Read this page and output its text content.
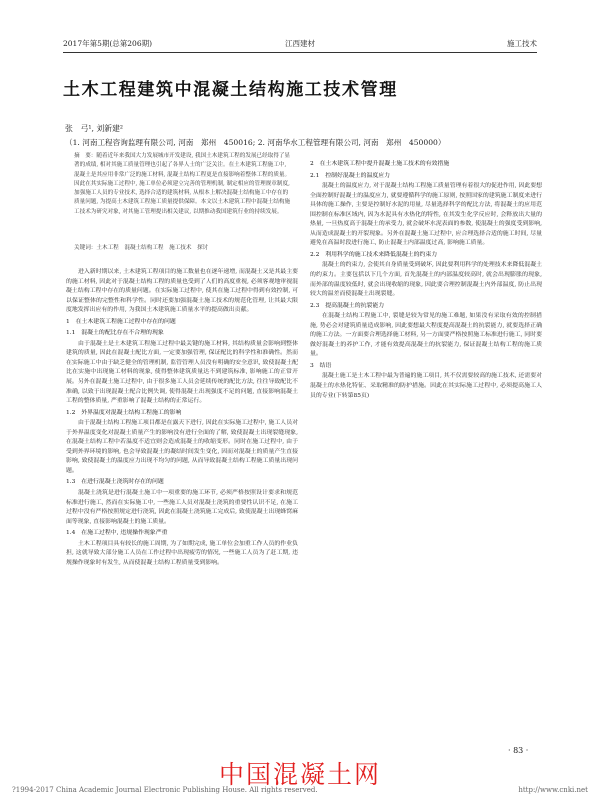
2017年第5期(总第206期)	江西建材	施工技术
土木工程建筑中混凝土结构施工技术管理
张　弓¹, 刘新建²
（1. 河南工程咨询监理有限公司, 河南　郑州　450016; 2. 河南华水工程管理有限公司, 河南　郑州　450000）
摘　要：随着近年来我国大力发展城市开发建设, 我国土木建筑工程的发展已经取得了显著的成绩, 相对其施工质量管理也引起了各界人士的广泛关注。在土木建筑工程施工中, 混凝土是其应用非常广泛的施工材料, 混凝土结构工程更是直接影响着整体工程的质量。因此在其实际施工过程中, 施工单位必须建立完善的管理机制, 制定相应的管理规章制度, 加强施工人员的专业技术, 选择合适的建筑材料, 从根本上解决混凝土结构施工中存在的质量问题, 为提高土木建筑工程施工质量提供保障。本文以土木建筑工程中混凝土结构施工技术为研究对象, 对其施工管理提出相关建议, 以期推动我国建筑行业的持续发展。
关键词：土木工程　混凝土结构工程　施工技术　探讨

进入新时期以来, 土木建筑工程项目的施工数量也在逐年递增, 而混凝土又是其最主要的施工材料, 因此对于混凝土结构工程的质量也受到了人们的高度重视, 必须客观地审视混凝土结构工程中存在的质量问题。在实际施工过程中, 使其在施工过程中得到有效控制, 可以保证整体的完整性和科学性。同时还要加强混凝土施工技术的规范化管理, 让其最大限度地发挥出应有的作用, 为我国土木建筑施工质量水平的提高做出贡献。

1　在土木建筑工程施工过程中存在的问题

1.1　混凝土的配比存在不合理的现象

由于混凝土是土木建筑工程施工过程中最关键的施工材料, 其结构质量会影响到整体建筑的质量, 因此在混凝土配比方面, 一定要加强管理, 保证配比的科学性和准确性。然而在实际施工中由于缺乏健全的管理机制, 监管管理人员没有明确的安全意识, 致使混凝土配比在实施中出现施工材料的现象, 使得整体建筑质量达不到建筑标准, 影响施工的正常开展。另外在混凝土施工过程中, 由于很多施工人员会延续传统的配比方法, 往往导致配比不准确, 以致于出现混凝土配合比例失调, 使得混凝土出现强度不足的问题, 直接影响混凝土工程的整体质量, 严重影响了混凝土结构的正常运行。

1.2　外界温度对混凝土结构工程施工的影响

由于混凝土结构工程施工项目都是在露天下进行, 因此在实际施工过程中, 施工人员对于外界温度变化对混凝土质量产生的影响没有进行全面的了解, 致使混凝土出现裂缝现象, 在混凝土结构工程中若温度不适宜则会造成混凝土的收缩变形。同时在施工过程中, 由于受到外界环境的影响, 也会导致混凝土的凝结时间发生变化, 因而对混凝土的质量产生直接影响, 致使混凝土的温度应力出现不均匀的问题, 从而导致混凝土结构工程施工质量出现问题。

1.3　在进行混凝土浇筑时存在的问题

混凝土浇筑是进行混凝土施工中一项重要的施工环节, 必须严格按照设计要求和规范标准进行施工, 然而在实际施工中, 一些施工人员对混凝土浇筑的重要性认识不足, 在施工过程中没有严格按照规定进行浇筑, 因此在混凝土浇筑施工完成后, 致使混凝土出现蜂窝麻面等现象, 直接影响混凝土的施工质量。

1.4　在施工过程中, 违规操作现象严重

土木工程项目具有较长的施工周期, 为了如期完成, 施工单位会加重工作人员的作业负担, 这就导致大部分施工人员在工作过程中出现疲劳的情况, 一些施工人员为了赶工期, 违规操作现象时有发生, 从而使混凝土结构工程质量受到影响。

2　在土木建筑工程中提升混凝土施工技术的有效措施

2.1　控制好混凝土的温度应力

混凝土的温度应力, 对于混凝土结构工程施工质量管理有着很大的促进作用, 因此要想全面控制好混凝土的温度应力, 就要遵循科学的施工原则, 按照国家的建筑施工制度来进行具体的施工操作, 主要是控制好水泥的用量, 尽量选择科学的配比方法, 将混凝土的应用范围控制在标准区域内, 因为水泥具有水热化的特性, 在其发生化学反应时, 会释放出大量的热量, 一旦热度高于混凝土的承受力, 就会破坏水泥表面的参数, 使混凝土的强度受到影响, 从而造成混凝土的开裂现象。另外在混凝土施工过程中, 应合理选择合适的施工时间, 尽量避免在高温时段进行施工, 防止混凝土内部温度过高, 影响施工质量。

2.2　利用科学的施工技术来降低混凝土的约束力

混凝土的约束力, 会使其自身质量受到破坏, 因此要利用科学的处理技术来降低混凝土的约束力。主要包括以下几个方面, 首先混凝土的内部温度较高时, 就会出现膨胀的现象, 而外部的温度较低时, 就会出现收缩的现象, 因此要合理控制混凝土内外部温度, 防止出现较大的温差而使混凝土出现裂缝。

2.3　提高混凝土的抗裂能力

在混凝土结构工程施工中, 裂缝是较为常见的施工难题, 如果没有采取有效的控制措施, 势必会对建筑质量造成影响, 因此要想最大程度提高混凝土的抗裂能力, 就要选择正确的施工方法。一方面要合理选择施工材料, 另一方面要严格按照施工标准进行施工, 同时要做好混凝土的养护工作, 才能有效提高混凝土的抗裂能力, 保证混凝土结构工程的施工质量。

3　结语

混凝土施工是土木工程中最为普遍的施工项目, 其不仅需要较高的施工技术, 还需要对混凝土的水热化特征、采取精准的防护措施。因此在其实际施工过程中, 必须提高施工人员的专业(下转第85页)

· 83 ·
中国混凝土网
?1994-2017 China Academic Journal Electronic Publishing House. All rights reserved.	http://www.cnki.net
